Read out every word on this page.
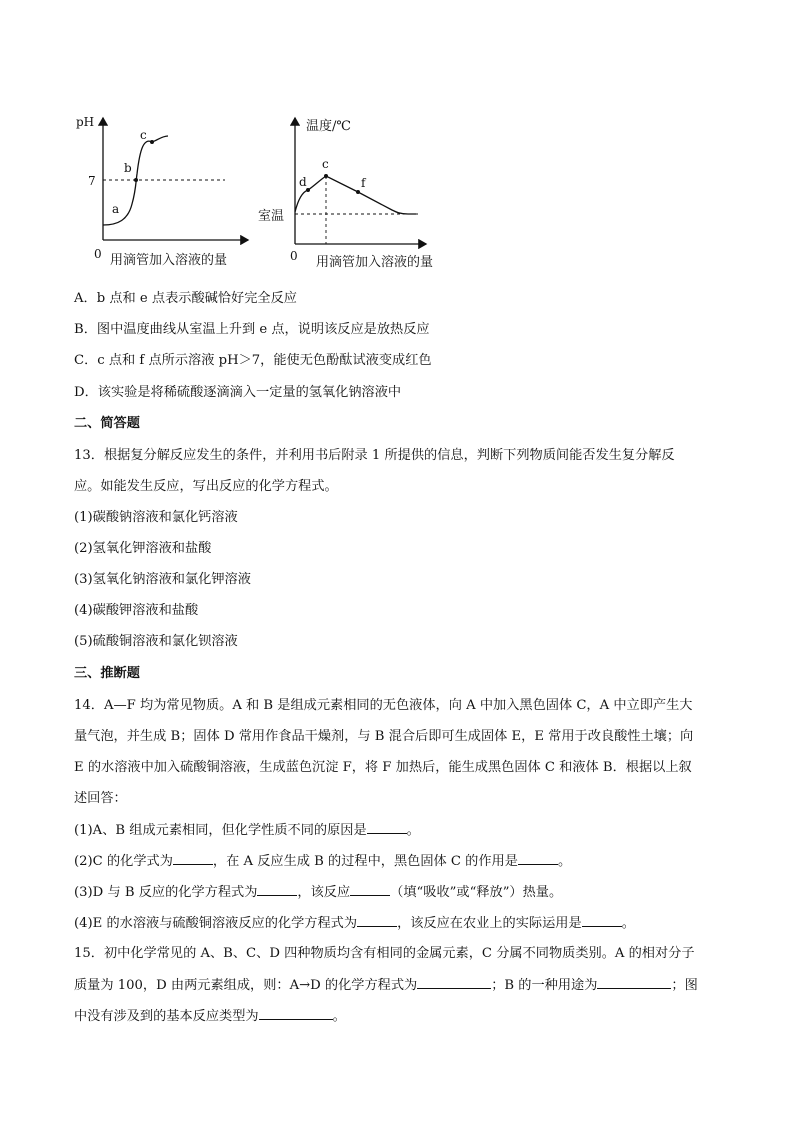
pH
0
7
a
b
c
用滴管加入溶液的量
温度/℃
0
室温
d
c
f
用滴管加入溶液的量
A．b 点和 e 点表示酸碱恰好完全反应
B．图中温度曲线从室温上升到 e 点，说明该反应是放热反应
C．c 点和 f 点所示溶液 pH＞7，能使无色酚酞试液变成红色
D．该实验是将稀硫酸逐滴滴入一定量的氢氧化钠溶液中
二、简答题
13．根据复分解反应发生的条件，并利用书后附录 1 所提供的信息，判断下列物质间能否发生复分解反
应。如能发生反应，写出反应的化学方程式。
(1)碳酸钠溶液和氯化钙溶液
(2)氢氧化钾溶液和盐酸
(3)氢氧化钠溶液和氯化钾溶液
(4)碳酸钾溶液和盐酸
(5)硫酸铜溶液和氯化钡溶液
三、推断题
14．A—F 均为常见物质。A 和 B 是组成元素相同的无色液体，向 A 中加入黑色固体 C，A 中立即产生大
量气泡，并生成 B；固体 D 常用作食品干燥剂，与 B 混合后即可生成固体 E，E 常用于改良酸性土壤；向
E 的水溶液中加入硫酸铜溶液，生成蓝色沉淀 F，将 F 加热后，能生成黑色固体 C 和液体 B．根据以上叙
述回答：
(1)A、B 组成元素相同，但化学性质不同的原因是	。
(2)C 的化学式为	，在 A 反应生成 B 的过程中，黑色固体 C 的作用是	。
(3)D 与 B 反应的化学方程式为	，该反应	（填“吸收”或“释放”）热量。
(4)E 的水溶液与硫酸铜溶液反应的化学方程式为	，该反应在农业上的实际运用是	。
15．初中化学常见的 A、B、C、D 四种物质均含有相同的金属元素，C 分属不同物质类别。A 的相对分子
质量为 100，D 由两元素组成，则：A→D 的化学方程式为	；B 的一种用途为	；图
中没有涉及到的基本反应类型为	。
